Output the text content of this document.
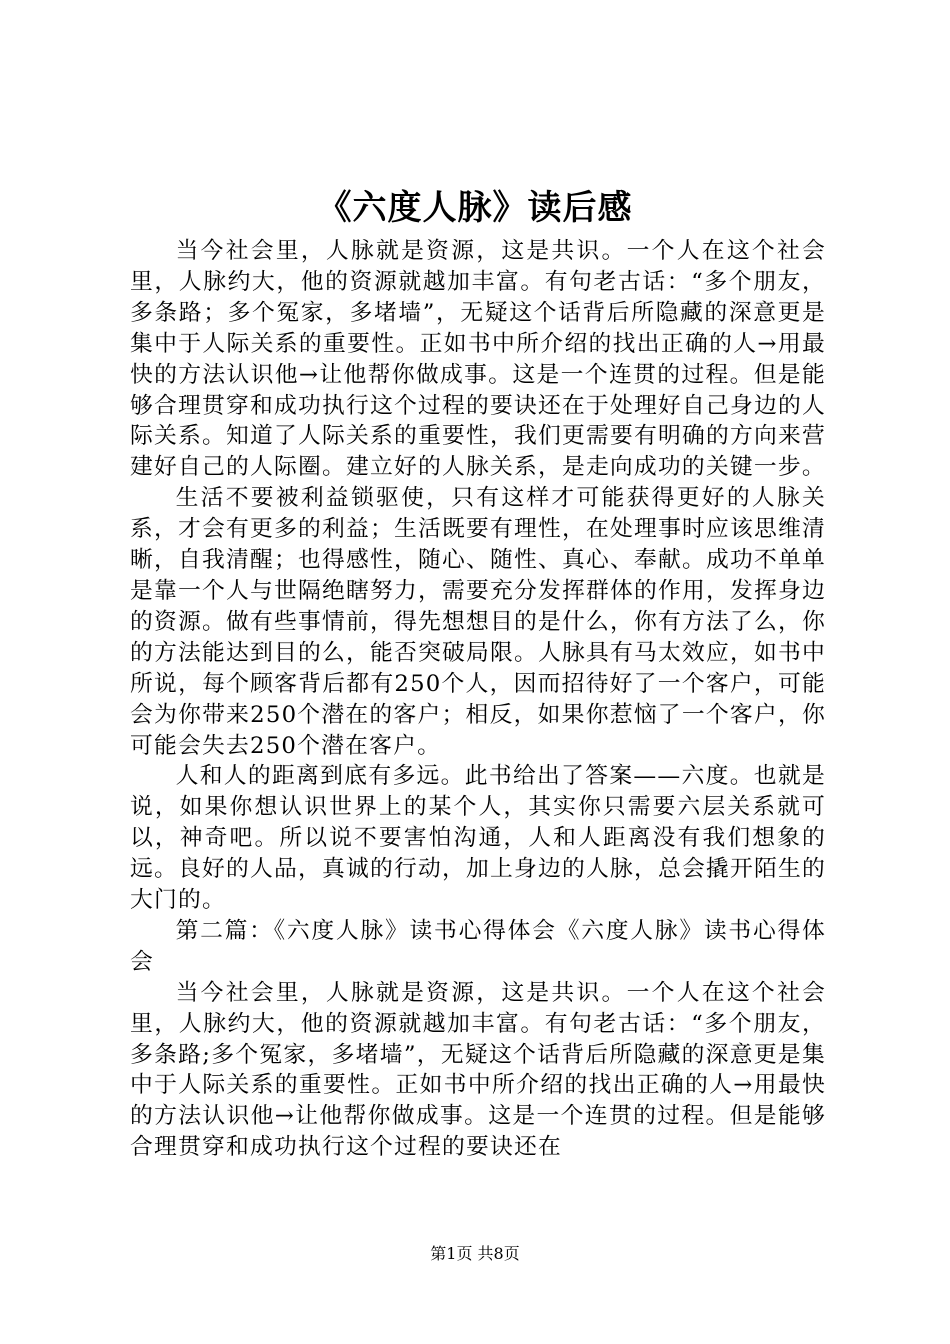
《六度人脉》读后感

当今社会里，人脉就是资源，这是共识。一个人在这个社会里，人脉约大，他的资源就越加丰富。有句老古话：“多个朋友，多条路；多个冤家，多堵墙”，无疑这个话背后所隐藏的深意更是集中于人际关系的重要性。正如书中所介绍的找出正确的人→用最快的方法认识他→让他帮你做成事。这是一个连贯的过程。但是能够合理贯穿和成功执行这个过程的要诀还在于处理好自己身边的人际关系。知道了人际关系的重要性，我们更需要有明确的方向来营建好自己的人际圈。建立好的人脉关系，是走向成功的关键一步。

生活不要被利益锁驱使，只有这样才可能获得更好的人脉关系，才会有更多的利益；生活既要有理性，在处理事时应该思维清晰，自我清醒；也得感性，随心、随性、真心、奉献。成功不单单是靠一个人与世隔绝瞎努力，需要充分发挥群体的作用，发挥身边的资源。做有些事情前，得先想想目的是什么，你有方法了么，你的方法能达到目的么，能否突破局限。人脉具有马太效应，如书中所说，每个顾客背后都有250个人，因而招待好了一个客户，可能会为你带来250个潜在的客户；相反，如果你惹恼了一个客户，你可能会失去250个潜在客户。

人和人的距离到底有多远。此书给出了答案——六度。也就是说，如果你想认识世界上的某个人，其实你只需要六层关系就可以，神奇吧。所以说不要害怕沟通，人和人距离没有我们想象的远。良好的人品，真诚的行动，加上身边的人脉，总会撬开陌生的大门的。

第二篇：《六度人脉》读书心得体会《六度人脉》读书心得体会

当今社会里，人脉就是资源，这是共识。一个人在这个社会里，人脉约大，他的资源就越加丰富。有句老古话：“多个朋友，多条路;多个冤家，多堵墙”，无疑这个话背后所隐藏的深意更是集中于人际关系的重要性。正如书中所介绍的找出正确的人→用最快的方法认识他→让他帮你做成事。这是一个连贯的过程。但是能够合理贯穿和成功执行这个过程的要诀还在

第1页 共8页
